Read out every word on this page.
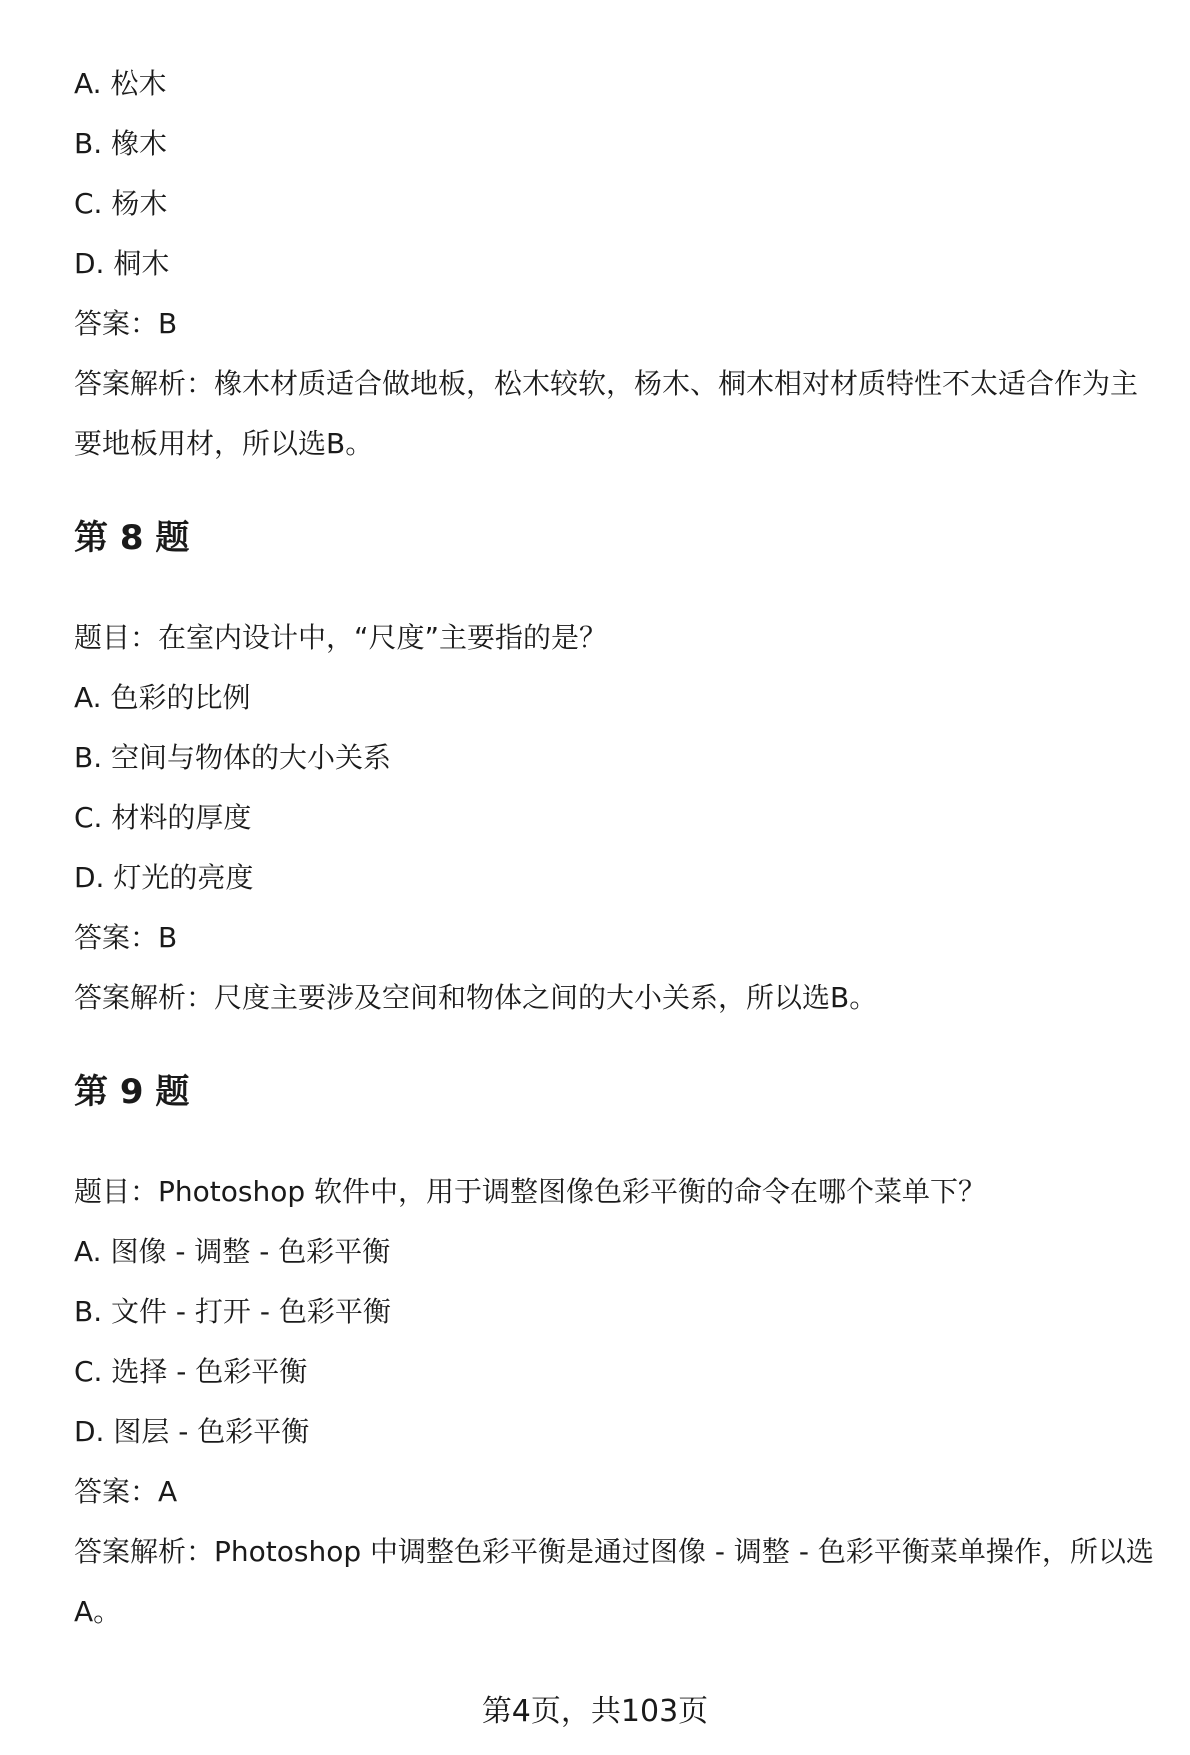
A. 松木

B. 橡木

C. 杨木

D. 桐木

答案：B

答案解析：橡木材质适合做地板，松木较软，杨木、桐木相对材质特性不太适合作为主要地板用材，所以选B。

第 8 题

题目：在室内设计中，“尺度”主要指的是？

A. 色彩的比例

B. 空间与物体的大小关系

C. 材料的厚度

D. 灯光的亮度

答案：B

答案解析：尺度主要涉及空间和物体之间的大小关系，所以选B。

第 9 题

题目：Photoshop 软件中，用于调整图像色彩平衡的命令在哪个菜单下？

A. 图像 - 调整 - 色彩平衡

B. 文件 - 打开 - 色彩平衡

C. 选择 - 色彩平衡

D. 图层 - 色彩平衡

答案：A

答案解析：Photoshop 中调整色彩平衡是通过图像 - 调整 - 色彩平衡菜单操作，所以选A。

第4页，共103页
